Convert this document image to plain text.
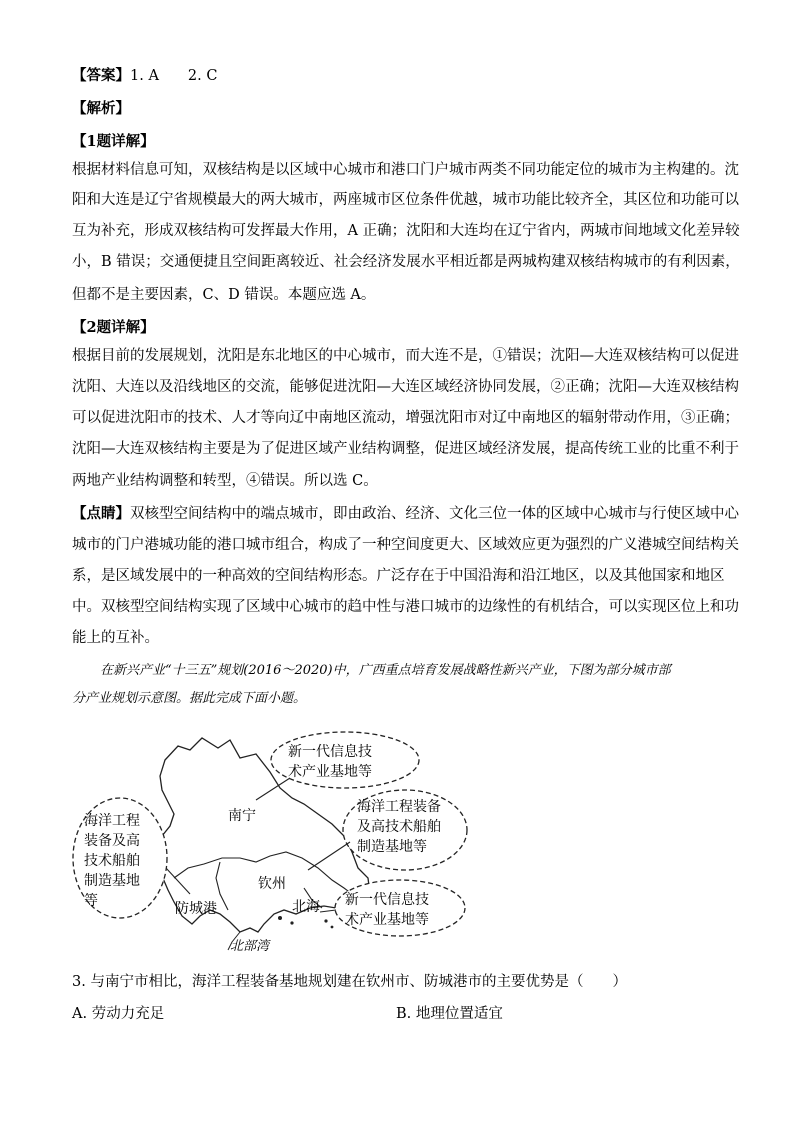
【答案】1. A　　2. C
【解析】
【1题详解】
根据材料信息可知，双核结构是以区域中心城市和港口门户城市两类不同功能定位的城市为主构建的。沈
阳和大连是辽宁省规模最大的两大城市，两座城市区位条件优越，城市功能比较齐全，其区位和功能可以
互为补充，形成双核结构可发挥最大作用，A 正确；沈阳和大连均在辽宁省内，两城市间地域文化差异较
小，B 错误；交通便捷且空间距离较近、社会经济发展水平相近都是两城构建双核结构城市的有利因素，
但都不是主要因素，C、D 错误。本题应选 A。
【2题详解】
根据目前的发展规划，沈阳是东北地区的中心城市，而大连不是，①错误；沈阳—大连双核结构可以促进
沈阳、大连以及沿线地区的交流，能够促进沈阳—大连区域经济协同发展，②正确；沈阳—大连双核结构
可以促进沈阳市的技术、人才等向辽中南地区流动，增强沈阳市对辽中南地区的辐射带动作用，③正确；
沈阳—大连双核结构主要是为了促进区域产业结构调整，促进区域经济发展，提高传统工业的比重不利于
两地产业结构调整和转型，④错误。所以选 C。
【点睛】双核型空间结构中的端点城市，即由政治、经济、文化三位一体的区域中心城市与行使区域中心
城市的门户港城功能的港口城市组合，构成了一种空间度更大、区域效应更为强烈的广义港城空间结构关
系，是区域发展中的一种高效的空间结构形态。广泛存在于中国沿海和沿江地区，以及其他国家和地区
中。双核型空间结构实现了区域中心城市的趋中性与港口城市的边缘性的有机结合，可以实现区位上和功
能上的互补。
在新兴产业“十三五”规划(2016～2020)中，广西重点培育发展战略性新兴产业，下图为部分城市部
分产业规划示意图。据此完成下面小题。
南宁
钦州
防城港	北海
北部湾
新一代信息技
术产业基地等
海洋工程装备
及高技术船舶
制造基地等
海洋工程
装备及高
技术船舶
制造基地
等	新一代信息技
术产业基地等
3. 与南宁市相比，海洋工程装备基地规划建在钦州市、防城港市的主要优势是（　　）
A. 劳动力充足	B. 地理位置适宜
